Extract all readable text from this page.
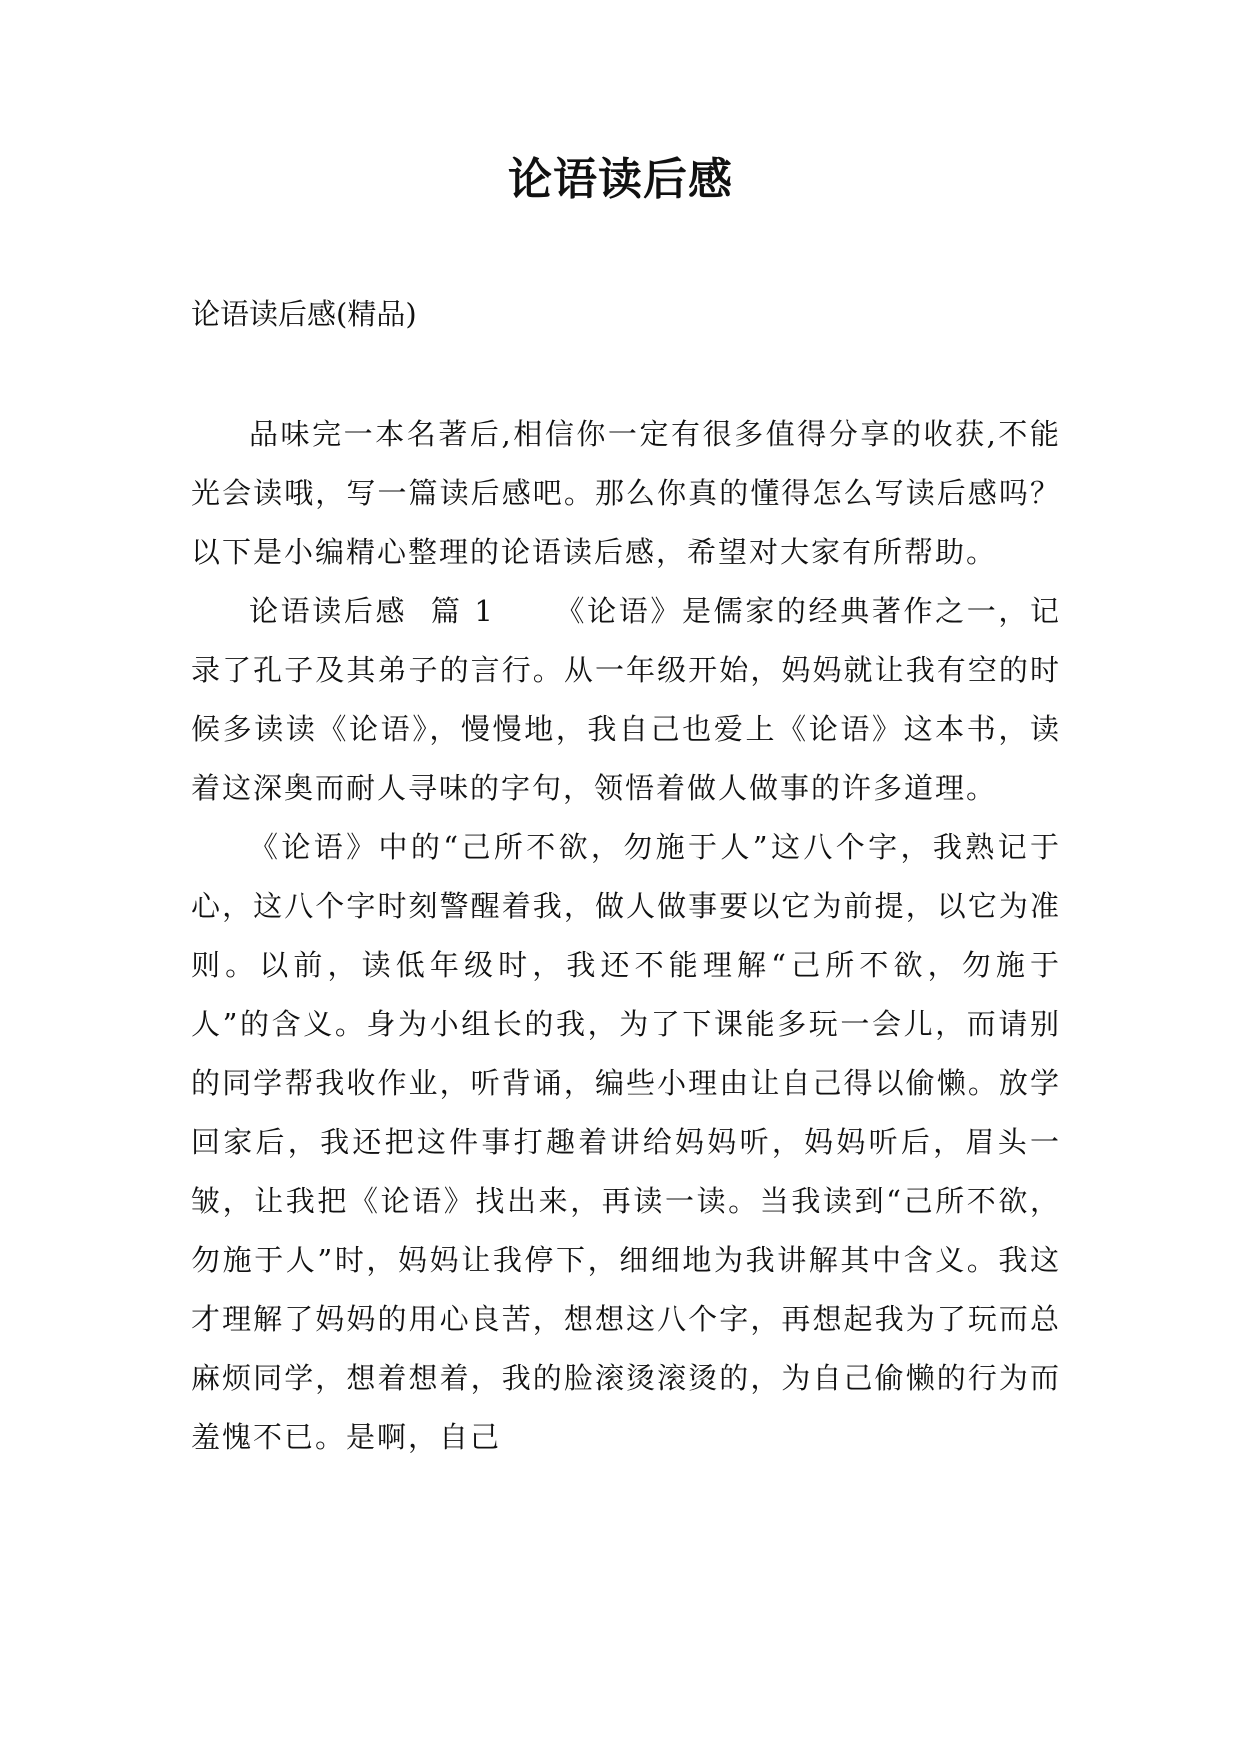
论语读后感

论语读后感(精品)

品味完一本名著后,相信你一定有很多值得分享的收获,不能光会读哦，写一篇读后感吧。那么你真的懂得怎么写读后感吗？以下是小编精心整理的论语读后感，希望对大家有所帮助。

论语读后感  篇 1 《论语》是儒家的经典著作之一，记录了孔子及其弟子的言行。从一年级开始，妈妈就让我有空的时候多读读《论语》，慢慢地，我自己也爱上《论语》这本书，读着这深奥而耐人寻味的字句，领悟着做人做事的许多道理。

《论语》中的“己所不欲，勿施于人”这八个字，我熟记于心，这八个字时刻警醒着我，做人做事要以它为前提，以它为准则。以前，读低年级时，我还不能理解“己所不欲，勿施于人”的含义。身为小组长的我，为了下课能多玩一会儿，而请别的同学帮我收作业，听背诵，编些小理由让自己得以偷懒。放学回家后，我还把这件事打趣着讲给妈妈听，妈妈听后，眉头一皱，让我把《论语》找出来，再读一读。当我读到“己所不欲，勿施于人”时，妈妈让我停下，细细地为我讲解其中含义。我这才理解了妈妈的用心良苦，想想这八个字，再想起我为了玩而总麻烦同学，想着想着，我的脸滚烫滚烫的，为自己偷懒的行为而羞愧不已。是啊，自己
